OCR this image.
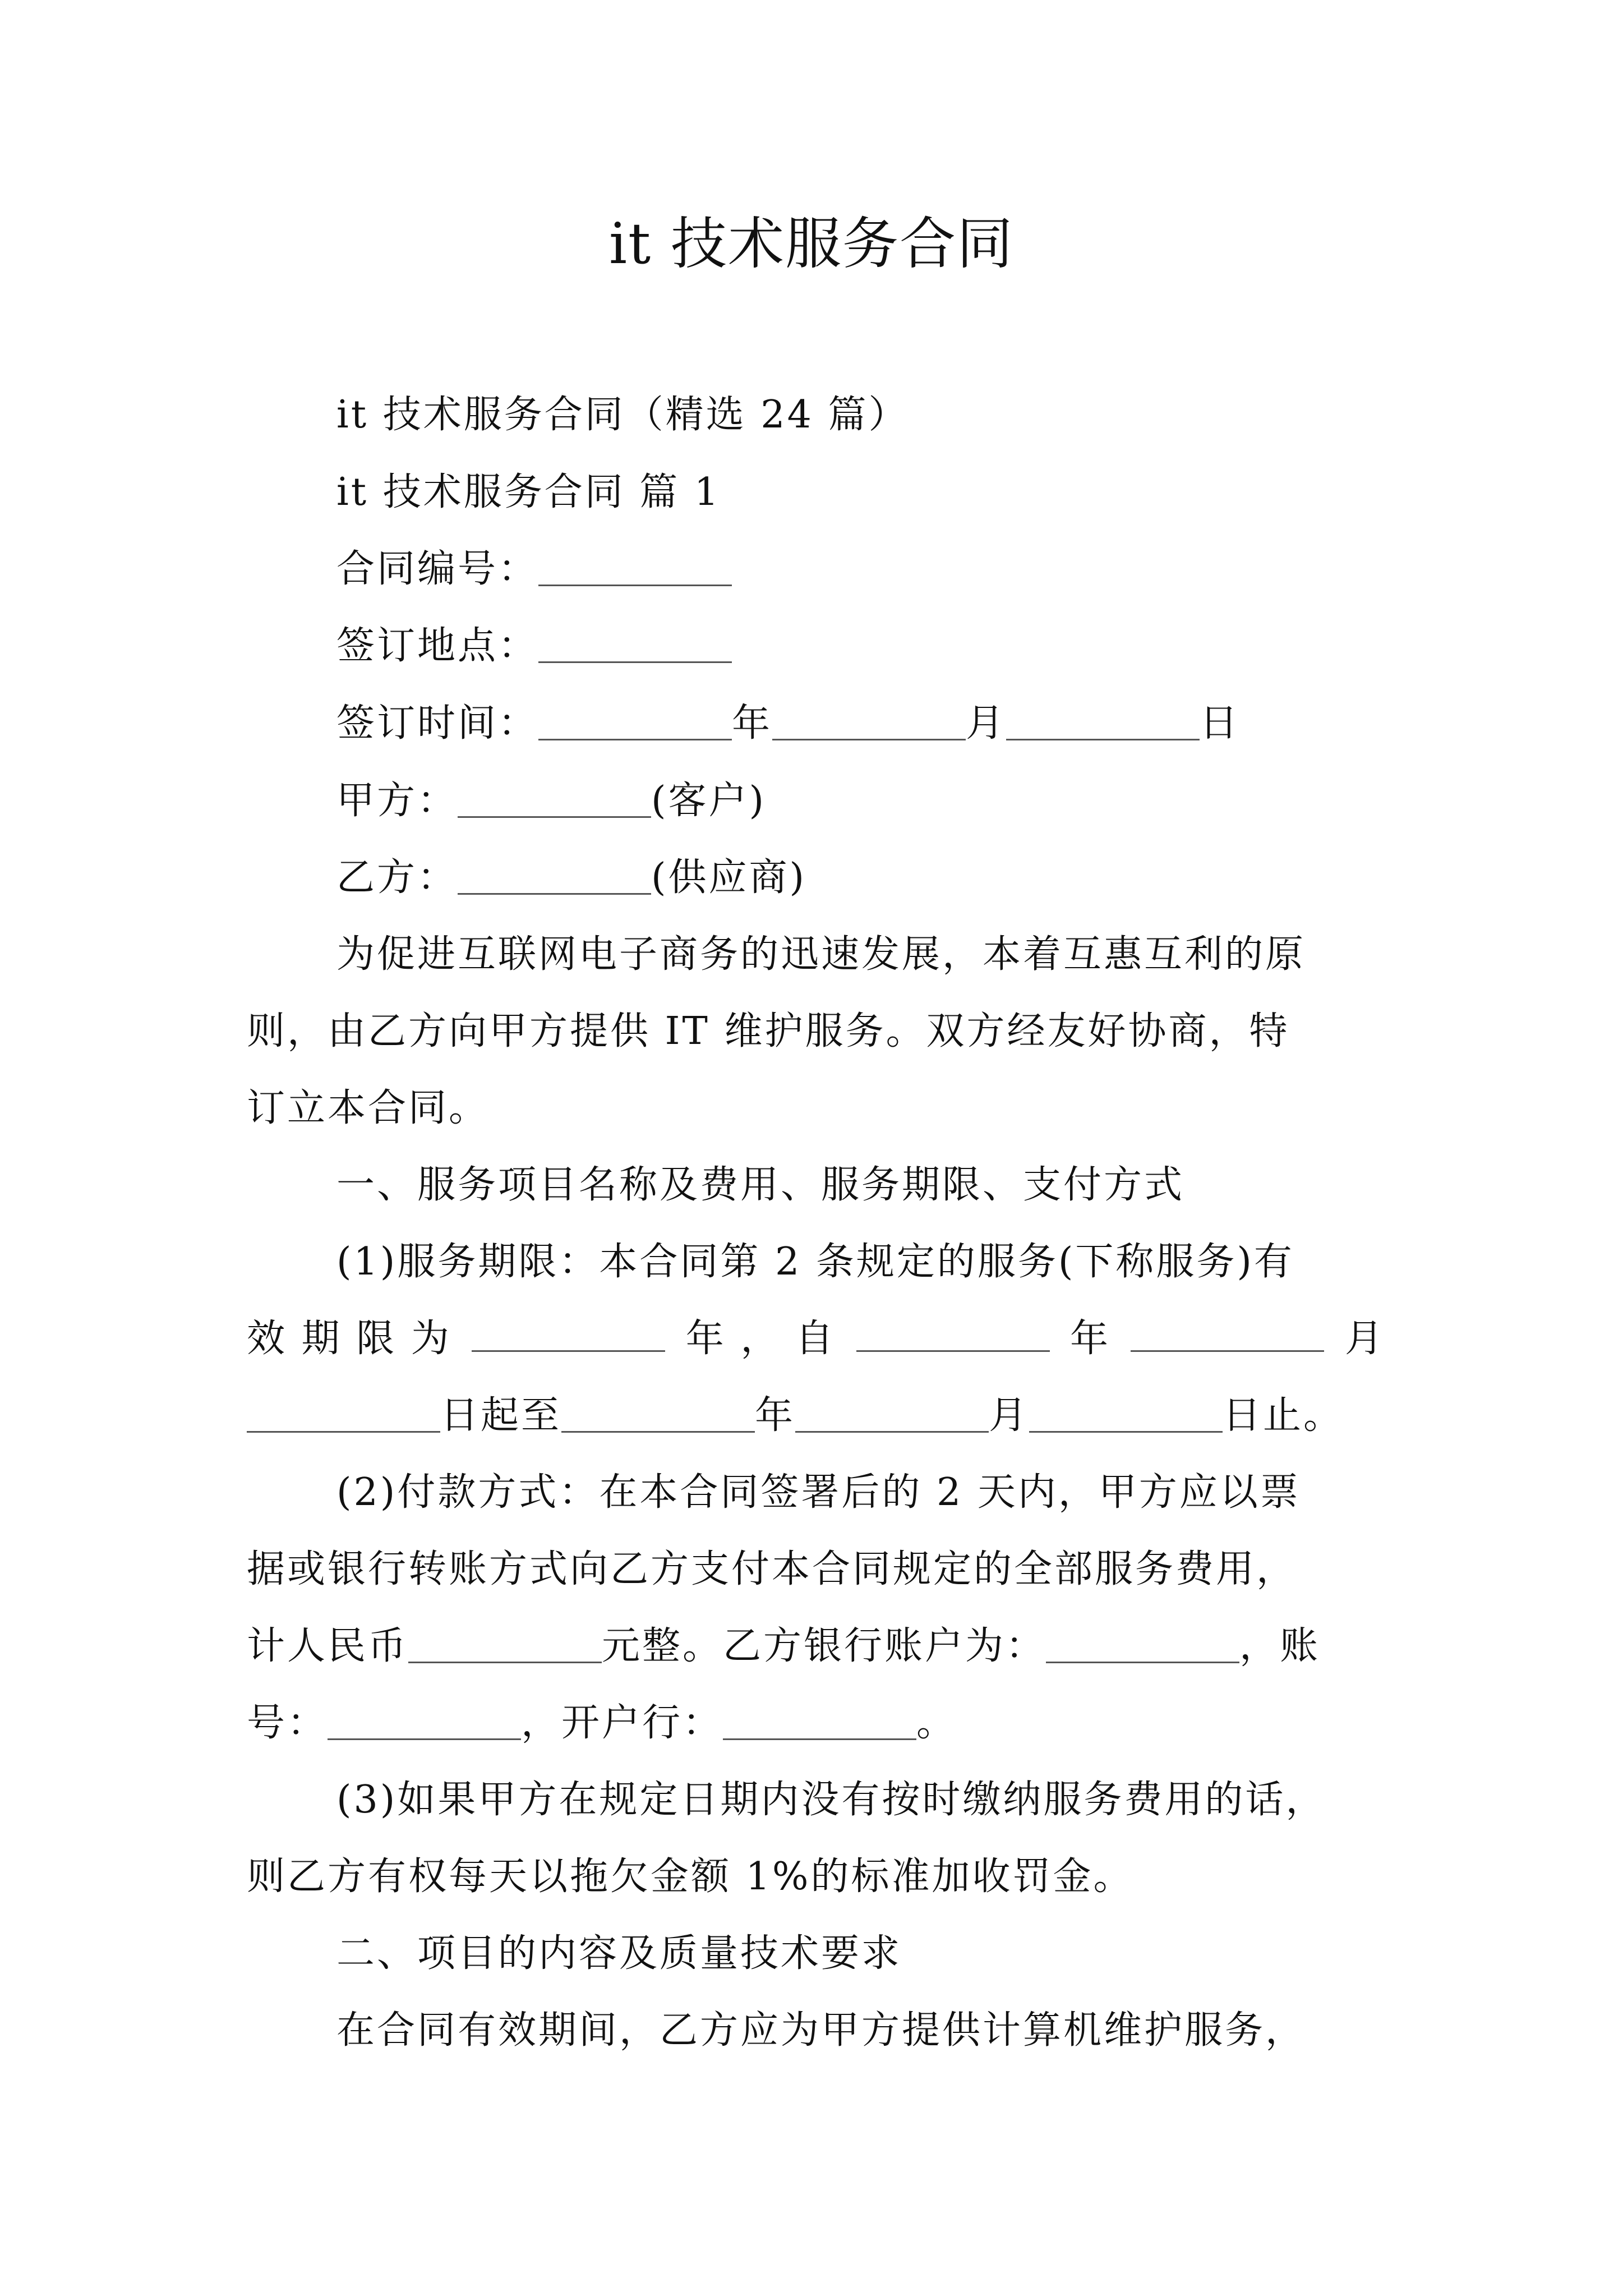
it 技术服务合同
it 技术服务合同（精选 24 篇）
it 技术服务合同 篇 1
合同编号：
签订地点：
签订时间：	年	月	日
甲方：	(客户)
乙方：	(供应商)
为促进互联网电子商务的迅速发展，本着互惠互利的原
则，由乙方向甲方提供 IT 维护服务。双方经友好协商，特
订立本合同。
一、服务项目名称及费用、服务期限、支付方式
(1)服务期限：本合同第 2 条规定的服务(下称服务)有
效 期 限 为	年 ， 自	年	月
日起至	年	月	日止。
(2)付款方式：在本合同签署后的 2 天内，甲方应以票
据或银行转账方式向乙方支付本合同规定的全部服务费用，
计人民币	元整。乙方银行账户为：	，账
号：	，开户行：	。
(3)如果甲方在规定日期内没有按时缴纳服务费用的话，
则乙方有权每天以拖欠金额 1%的标准加收罚金。
二、项目的内容及质量技术要求
在合同有效期间，乙方应为甲方提供计算机维护服务，
